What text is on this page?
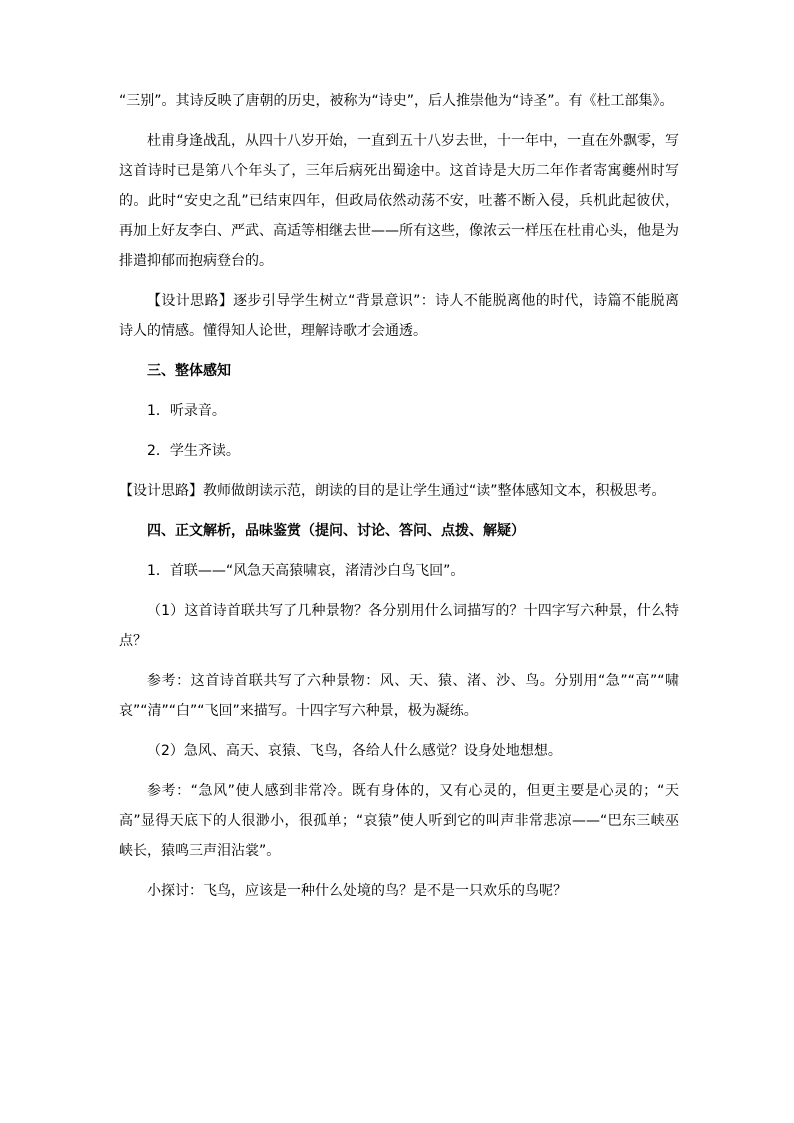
“三别”。其诗反映了唐朝的历史，被称为“诗史”，后人推崇他为“诗圣”。有《杜工部集》。

杜甫身逢战乱，从四十八岁开始，一直到五十八岁去世，十一年中，一直在外飘零，写这首诗时已是第八个年头了，三年后病死出蜀途中。这首诗是大历二年作者寄寓夔州时写的。此时“安史之乱”已结束四年，但政局依然动荡不安，吐蕃不断入侵，兵机此起彼伏，再加上好友李白、严武、高适等相继去世——所有这些，像浓云一样压在杜甫心头，他是为排遣抑郁而抱病登台的。

【设计思路】逐步引导学生树立“背景意识”：诗人不能脱离他的时代，诗篇不能脱离诗人的情感。懂得知人论世，理解诗歌才会通透。

三、整体感知

1．听录音。

2．学生齐读。

【设计思路】教师做朗读示范，朗读的目的是让学生通过“读”整体感知文本，积极思考。

四、正文解析，品味鉴赏（提问、讨论、答问、点拨、解疑）

1．首联——“风急天高猿啸哀，渚清沙白鸟飞回”。

（1）这首诗首联共写了几种景物？各分别用什么词描写的？十四字写六种景，什么特点？

参考：这首诗首联共写了六种景物：风、天、猿、渚、沙、鸟。分别用“急”“高”“啸哀”“清”“白”“飞回”来描写。十四字写六种景，极为凝练。

（2）急风、高天、哀猿、飞鸟，各给人什么感觉？设身处地想想。

参考：“急风”使人感到非常冷。既有身体的，又有心灵的，但更主要是心灵的；“天高”显得天底下的人很渺小，很孤单；“哀猿”使人听到它的叫声非常悲凉——“巴东三峡巫峡长，猿鸣三声泪沾裳”。

小探讨：飞鸟，应该是一种什么处境的鸟？是不是一只欢乐的鸟呢？
